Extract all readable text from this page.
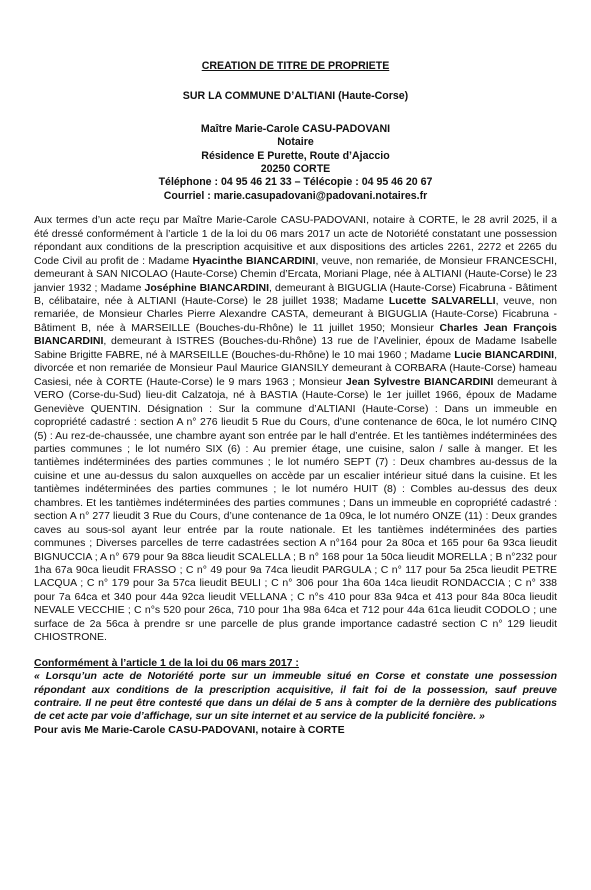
CREATION DE TITRE DE PROPRIETE
SUR LA COMMUNE D’ALTIANI (Haute-Corse)
Maître Marie-Carole CASU-PADOVANI
Notaire
Résidence E Purette, Route d’Ajaccio
20250 CORTE
Téléphone : 04 95 46 21 33 – Télécopie : 04 95 46 20 67
Courriel : marie.casupadovani@padovani.notaires.fr
Aux termes d’un acte reçu par Maître Marie-Carole CASU-PADOVANI, notaire à CORTE, le 28 avril 2025, il a été dressé conformément à l’article 1 de la loi du 06 mars 2017 un acte de Notoriété constatant une possession répondant aux conditions de la prescription acquisitive et aux dispositions des articles 2261, 2272 et 2265 du Code Civil au profit de : Madame Hyacinthe BIANCARDINI, veuve, non remariée, de Monsieur FRANCESCHI, demeurant à SAN NICOLAO (Haute-Corse) Chemin d’Ercata, Moriani Plage, née à ALTIANI (Haute-Corse) le 23 janvier 1932 ; Madame Joséphine BIANCARDINI, demeurant à BIGUGLIA (Haute-Corse) Ficabruna - Bâtiment B, célibataire, née à ALTIANI (Haute-Corse) le 28 juillet 1938; Madame Lucette SALVARELLI, veuve, non remariée, de Monsieur Charles Pierre Alexandre CASTA, demeurant à BIGUGLIA (Haute-Corse) Ficabruna - Bâtiment B, née à MARSEILLE (Bouches-du-Rhône) le 11 juillet 1950; Monsieur Charles Jean François BIANCARDINI, demeurant à ISTRES (Bouches-du-Rhône) 13 rue de l’Avelinier, époux de Madame Isabelle Sabine Brigitte FABRE, né à MARSEILLE (Bouches-du-Rhône) le 10 mai 1960 ; Madame Lucie BIANCARDINI, divorcée et non remariée de Monsieur Paul Maurice GIANSILY demeurant à CORBARA (Haute-Corse) hameau Casiesi, née à CORTE (Haute-Corse) le 9 mars 1963 ; Monsieur Jean Sylvestre BIANCARDINI demeurant à VERO (Corse-du-Sud) lieu-dit Calzatoja, né à BASTIA (Haute-Corse) le 1er juillet 1966, époux de Madame Geneviève QUENTIN. Désignation : Sur la commune d’ALTIANI (Haute-Corse) : Dans un immeuble en copropriété cadastré : section A n° 276 lieudit 5 Rue du Cours, d’une contenance de 60ca, le lot numéro CINQ (5) : Au rez-de-chaussée, une chambre ayant son entrée par le hall d’entrée. Et les tantièmes indéterminées des parties communes ; le lot numéro SIX (6) : Au premier étage, une cuisine, salon / salle à manger. Et les tantièmes indéterminées des parties communes ; le lot numéro SEPT (7) : Deux chambres au-dessus de la cuisine et une au-dessus du salon auxquelles on accède par un escalier intérieur situé dans la cuisine. Et les tantièmes indéterminées des parties communes ; le lot numéro HUIT (8) : Combles au-dessus des deux chambres. Et les tantièmes indéterminées des parties communes ; Dans un immeuble en copropriété cadastré : section A n° 277 lieudit 3 Rue du Cours, d’une contenance de 1a 09ca, le lot numéro ONZE (11) : Deux grandes caves au sous-sol ayant leur entrée par la route nationale. Et les tantièmes indéterminées des parties communes ; Diverses parcelles de terre cadastrées section A n°164 pour 2a 80ca et 165 pour 6a 93ca lieudit BIGNUCCIA ; A n° 679 pour 9a 88ca lieudit SCALELLA ; B n° 168 pour 1a 50ca lieudit MORELLA ; B n°232 pour 1ha 67a 90ca lieudit FRASSO ; C n° 49 pour 9a 74ca lieudit PARGULA ; C n° 117 pour 5a 25ca lieudit PETRE LACQUA ; C n° 179 pour 3a 57ca lieudit BEULI ; C n° 306 pour 1ha 60a 14ca lieudit RONDACCIA ; C n° 338 pour 7a 64ca et 340 pour 44a 92ca lieudit VELLANA ; C n°s 410 pour 83a 94ca et 413 pour 84a 80ca lieudit NEVALE VECCHIE ; C n°s 520 pour 26ca, 710 pour 1ha 98a 64ca et 712 pour 44a 61ca lieudit CODOLO ; une surface de 2a 56ca à prendre sr une parcelle de plus grande importance cadastré section C n° 129 lieudit CHIOSTRONE.
Conformément à l’article 1 de la loi du 06 mars 2017 :
« Lorsqu’un acte de Notoriété porte sur un immeuble situé en Corse et constate une possession répondant aux conditions de la prescription acquisitive, il fait foi de la possession, sauf preuve contraire. Il ne peut être contesté que dans un délai de 5 ans à compter de la dernière des publications de cet acte par voie d’affichage, sur un site internet et au service de la publicité foncière. »
Pour avis Me Marie-Carole CASU-PADOVANI, notaire à CORTE
